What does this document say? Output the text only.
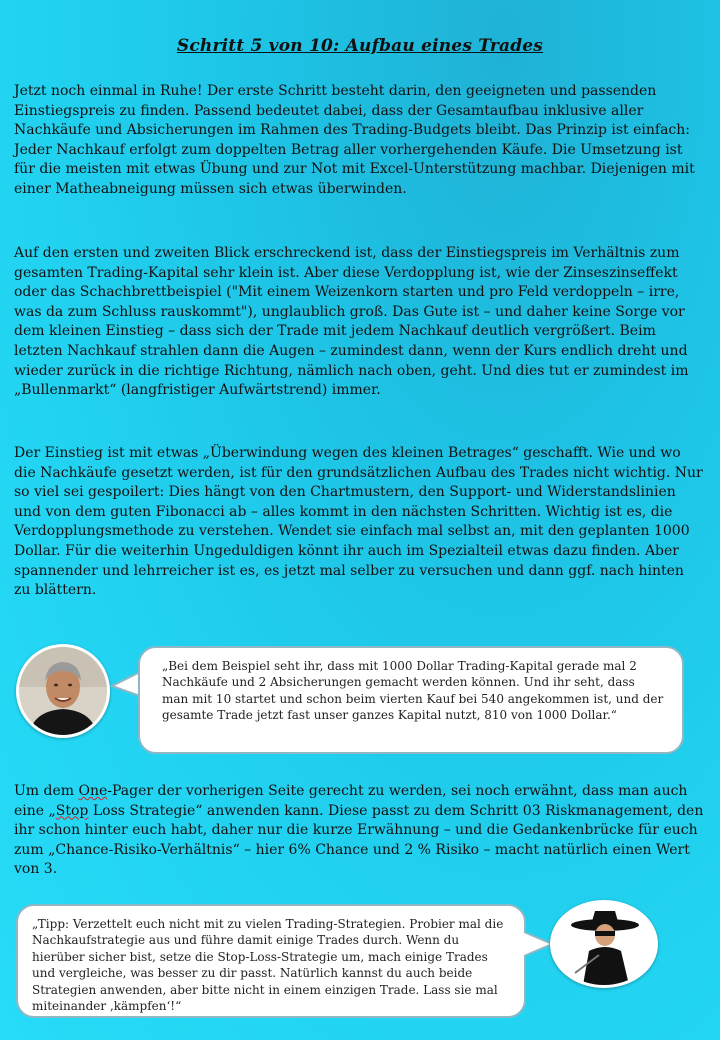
Schritt 5 von 10: Aufbau eines Trades

Jetzt noch einmal in Ruhe! Der erste Schritt besteht darin, den geeigneten und passenden Einstiegspreis zu finden. Passend bedeutet dabei, dass der Gesamtaufbau inklusive aller Nachkäufe und Absicherungen im Rahmen des Trading-Budgets bleibt. Das Prinzip ist einfach: Jeder Nachkauf erfolgt zum doppelten Betrag aller vorhergehenden Käufe. Die Umsetzung ist für die meisten mit etwas Übung und zur Not mit Excel-Unterstützung machbar. Diejenigen mit einer Matheabneigung müssen sich etwas überwinden.

Auf den ersten und zweiten Blick erschreckend ist, dass der Einstiegspreis im Verhältnis zum gesamten Trading-Kapital sehr klein ist. Aber diese Verdopplung ist, wie der Zinseszinseffekt oder das Schachbrettbeispiel ("Mit einem Weizenkorn starten und pro Feld verdoppeln – irre, was da zum Schluss rauskommt"), unglaublich groß. Das Gute ist – und daher keine Sorge vor dem kleinen Einstieg – dass sich der Trade mit jedem Nachkauf deutlich vergrößert. Beim letzten Nachkauf strahlen dann die Augen – zumindest dann, wenn der Kurs endlich dreht und wieder zurück in die richtige Richtung, nämlich nach oben, geht. Und dies tut er zumindest im „Bullenmarkt“ (langfristiger Aufwärtstrend) immer.

Der Einstieg ist mit etwas „Überwindung wegen des kleinen Betrages“ geschafft. Wie und wo die Nachkäufe gesetzt werden, ist für den grundsätzlichen Aufbau des Trades nicht wichtig. Nur so viel sei gespoilert: Dies hängt von den Chartmustern, den Support- und Widerstandslinien und von dem guten Fibonacci ab – alles kommt in den nächsten Schritten. Wichtig ist es, die Verdopplungsmethode zu verstehen. Wendet sie einfach mal selbst an, mit den geplanten 1000 Dollar. Für die weiterhin Ungeduldigen könnt ihr auch im Spezialteil etwas dazu finden. Aber spannender und lehrreicher ist es, es jetzt mal selber zu versuchen und dann ggf. nach hinten zu blättern.

„Bei dem Beispiel seht ihr, dass mit 1000 Dollar Trading-Kapital gerade mal 2 Nachkäufe und 2 Absicherungen gemacht werden können. Und ihr seht, dass man mit 10 startet und schon beim vierten Kauf bei 540 angekommen ist, und der gesamte Trade jetzt fast unser ganzes Kapital nutzt, 810 von 1000 Dollar.“

Um dem One-Pager der vorherigen Seite gerecht zu werden, sei noch erwähnt, dass man auch eine „Stop Loss Strategie“ anwenden kann. Diese passt zu dem Schritt 03 Riskmanagement, den ihr schon hinter euch habt, daher nur die kurze Erwähnung – und die Gedankenbrücke für euch zum „Chance-Risiko-Verhältnis“ – hier 6% Chance und 2 % Risiko – macht natürlich einen Wert von 3.

„Tipp: Verzettelt euch nicht mit zu vielen Trading-Strategien. Probier mal die Nachkaufstrategie aus und führe damit einige Trades durch. Wenn du hierüber sicher bist, setze die Stop-Loss-Strategie um, mach einige Trades und vergleiche, was besser zu dir passt. Natürlich kannst du auch beide Strategien anwenden, aber bitte nicht in einem einzigen Trade. Lass sie mal miteinander ‚kämpfen‘!“
